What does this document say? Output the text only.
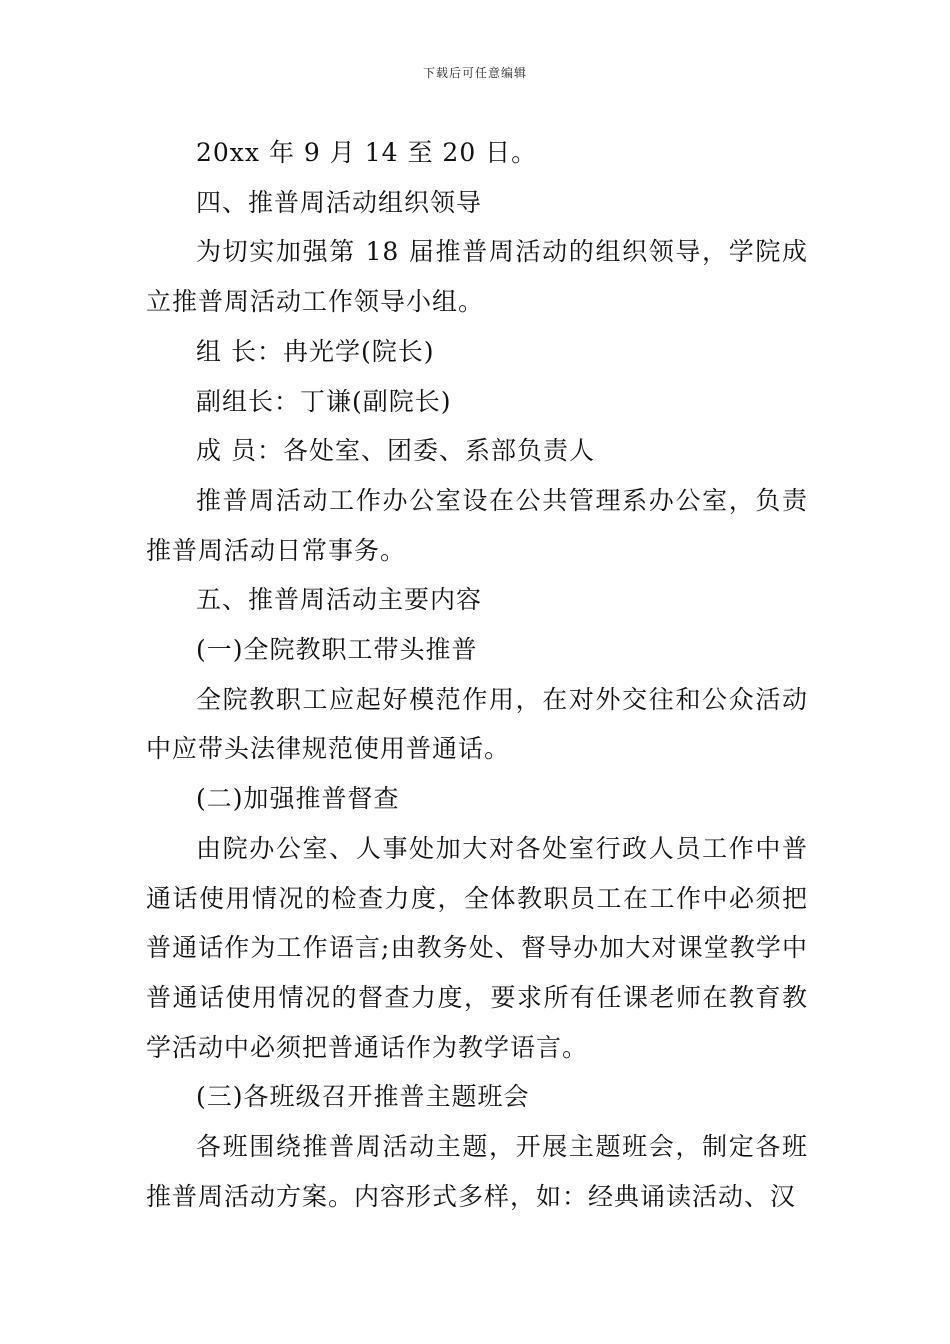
下载后可任意编辑

20xx 年 9 月 14 至 20 日。

四、推普周活动组织领导

为切实加强第 18 届推普周活动的组织领导，学院成立推普周活动工作领导小组。

组 长：冉光学(院长)

副组长：丁谦(副院长)

成 员：各处室、团委、系部负责人

推普周活动工作办公室设在公共管理系办公室，负责推普周活动日常事务。

五、推普周活动主要内容

(一)全院教职工带头推普

全院教职工应起好模范作用，在对外交往和公众活动中应带头法律规范使用普通话。

(二)加强推普督查

由院办公室、人事处加大对各处室行政人员工作中普通话使用情况的检查力度，全体教职员工在工作中必须把普通话作为工作语言;由教务处、督导办加大对课堂教学中普通话使用情况的督查力度，要求所有任课老师在教育教学活动中必须把普通话作为教学语言。

(三)各班级召开推普主题班会

各班围绕推普周活动主题，开展主题班会，制定各班推普周活动方案。内容形式多样，如：经典诵读活动、汉
